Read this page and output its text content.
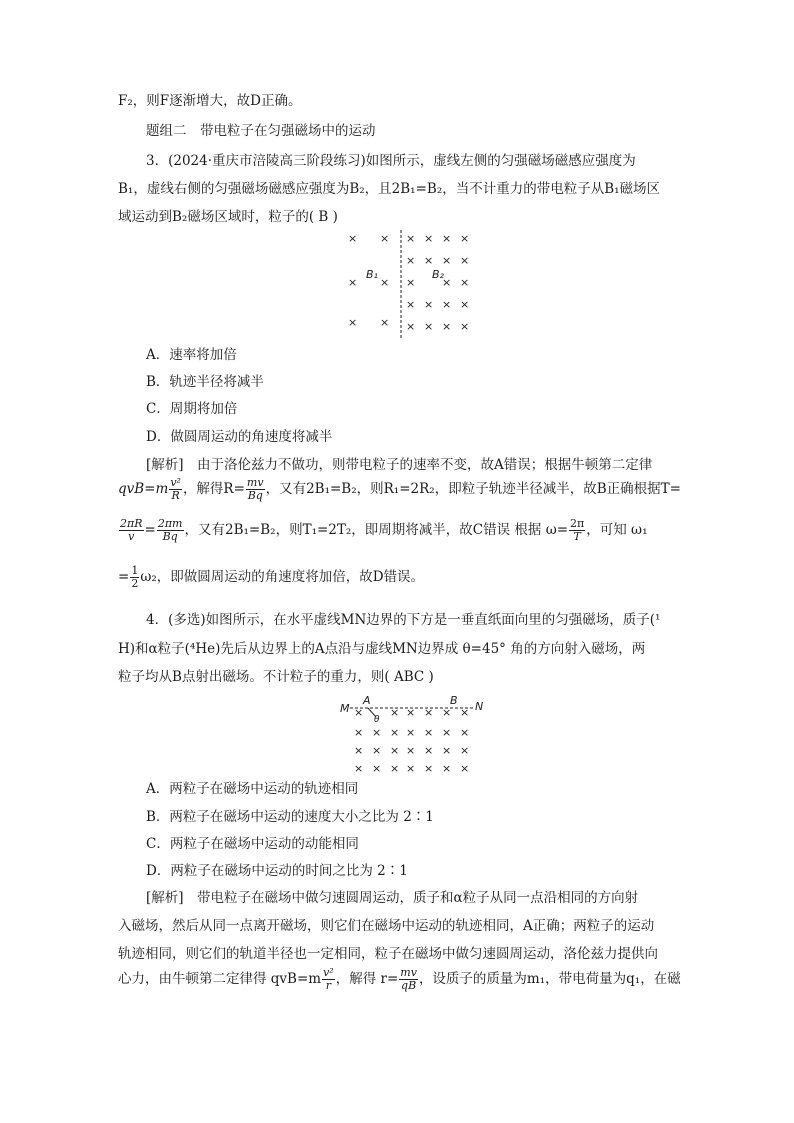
F₂，则F逐渐增大，故D正确。
题组二　带电粒子在匀强磁场中的运动
3．(2024·重庆市涪陵高三阶段练习)如图所示，虚线左侧的匀强磁场磁感应强度为
B₁，虚线右侧的匀强磁场磁感应强度为B₂，且2B₁=B₂，当不计重力的带电粒子从B₁磁场区
域运动到B₂磁场区域时，粒子的( B )
× ×
× ×
× ×
B₁
× × × ×
× × × ×
× × ×
× × × ×
× × × ×
B₂
A．速率将加倍
B．轨迹半径将减半
C．周期将加倍
D．做圆周运动的角速度将减半
[解析]　由于洛伦兹力不做功，则带电粒子的速率不变，故A错误；根据牛顿第二定律
$qvB=m \frac{\text{v²}}{R}$ ，解得$R= \frac{mv}{Bq}$ ，又有2B₁=B₂，则R₁=2R₂，即粒子轨迹半径减半，故B正确根据T=
$\frac{2\pi R}{v} = \frac{2\pi m}{Bq}$ ，又有2B₁=B₂，则T₁=2T₂，即周期将减半，故C错误 根据 $\omega= \frac{2\pi}{T}$ ，可知 ω₁
= $\frac{1}{2} \omega_2$，即做圆周运动的角速度将加倍，故D错误。
4．(多选)如图所示，在水平虚线MN边界的下方是一垂直纸面向里的匀强磁场，质子(¹
H)和α粒子(⁴He)先后从边界上的A点沿与虚线MN边界成 θ=45° 角的方向射入磁场，两
粒子均从B点射出磁场。不计粒子的重力，则( ABC )
M	N
A	B
θ
× × × × × ×
× × × × × × ×
× × × × × × ×
× × × × × × ×
A．两粒子在磁场中运动的轨迹相同
B．两粒子在磁场中运动的速度大小之比为 2∶1
C．两粒子在磁场中运动的动能相同
D．两粒子在磁场中运动的时间之比为 2∶1
[解析]　带电粒子在磁场中做匀速圆周运动，质子和α粒子从同一点沿相同的方向射
入磁场，然后从同一点离开磁场，则它们在磁场中运动的轨迹相同，A正确；两粒子的运动
轨迹相同，则它们的轨道半径也一定相同，粒子在磁场中做匀速圆周运动，洛伦兹力提供向
心力，由牛顿第二定律得 $qvB=m \frac{\text{v²}}{r}$ ，解得 $r= \frac{mv}{qB}$ ，设质子的质量为m₁，带电荷量为q₁，在磁
